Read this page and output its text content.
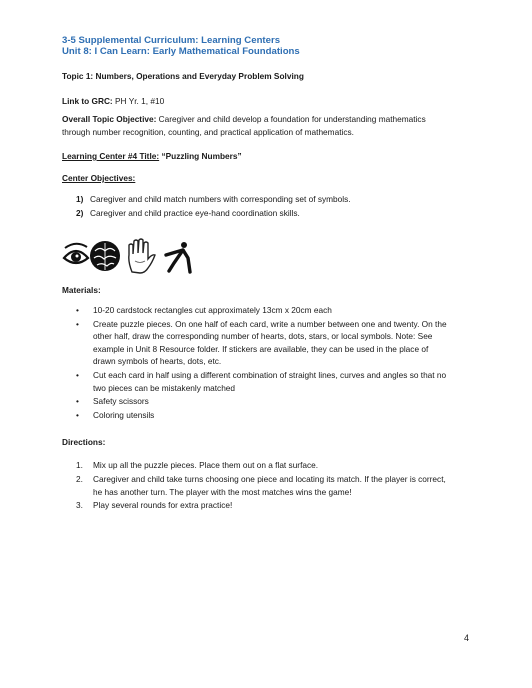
3-5 Supplemental Curriculum: Learning Centers
Unit 8: I Can Learn: Early Mathematical Foundations
Topic 1: Numbers, Operations and Everyday Problem Solving
Link to GRC: PH Yr. 1, #10
Overall Topic Objective: Caregiver and child develop a foundation for understanding mathematics
through number recognition, counting, and practical application of mathematics.
Learning Center #4 Title: “Puzzling Numbers”
Center Objectives:
1) Caregiver and child match numbers with corresponding set of symbols.
2) Caregiver and child practice eye-hand coordination skills.
Materials:
• 10-20 cardstock rectangles cut approximately 13cm x 20cm each
• Create puzzle pieces. On one half of each card, write a number between one and twenty. On the
other half, draw the corresponding number of hearts, dots, stars, or local symbols. Note: See
example in Unit 8 Resource folder. If stickers are available, they can be used in the place of
drawn symbols of hearts, dots, etc.
• Cut each card in half using a different combination of straight lines, curves and angles so that no
two pieces can be mistakenly matched
• Safety scissors
• Coloring utensils
Directions:
1. Mix up all the puzzle pieces. Place them out on a flat surface.
2. Caregiver and child take turns choosing one piece and locating its match. If the player is correct,
he has another turn. The player with the most matches wins the game!
3. Play several rounds for extra practice!
4
